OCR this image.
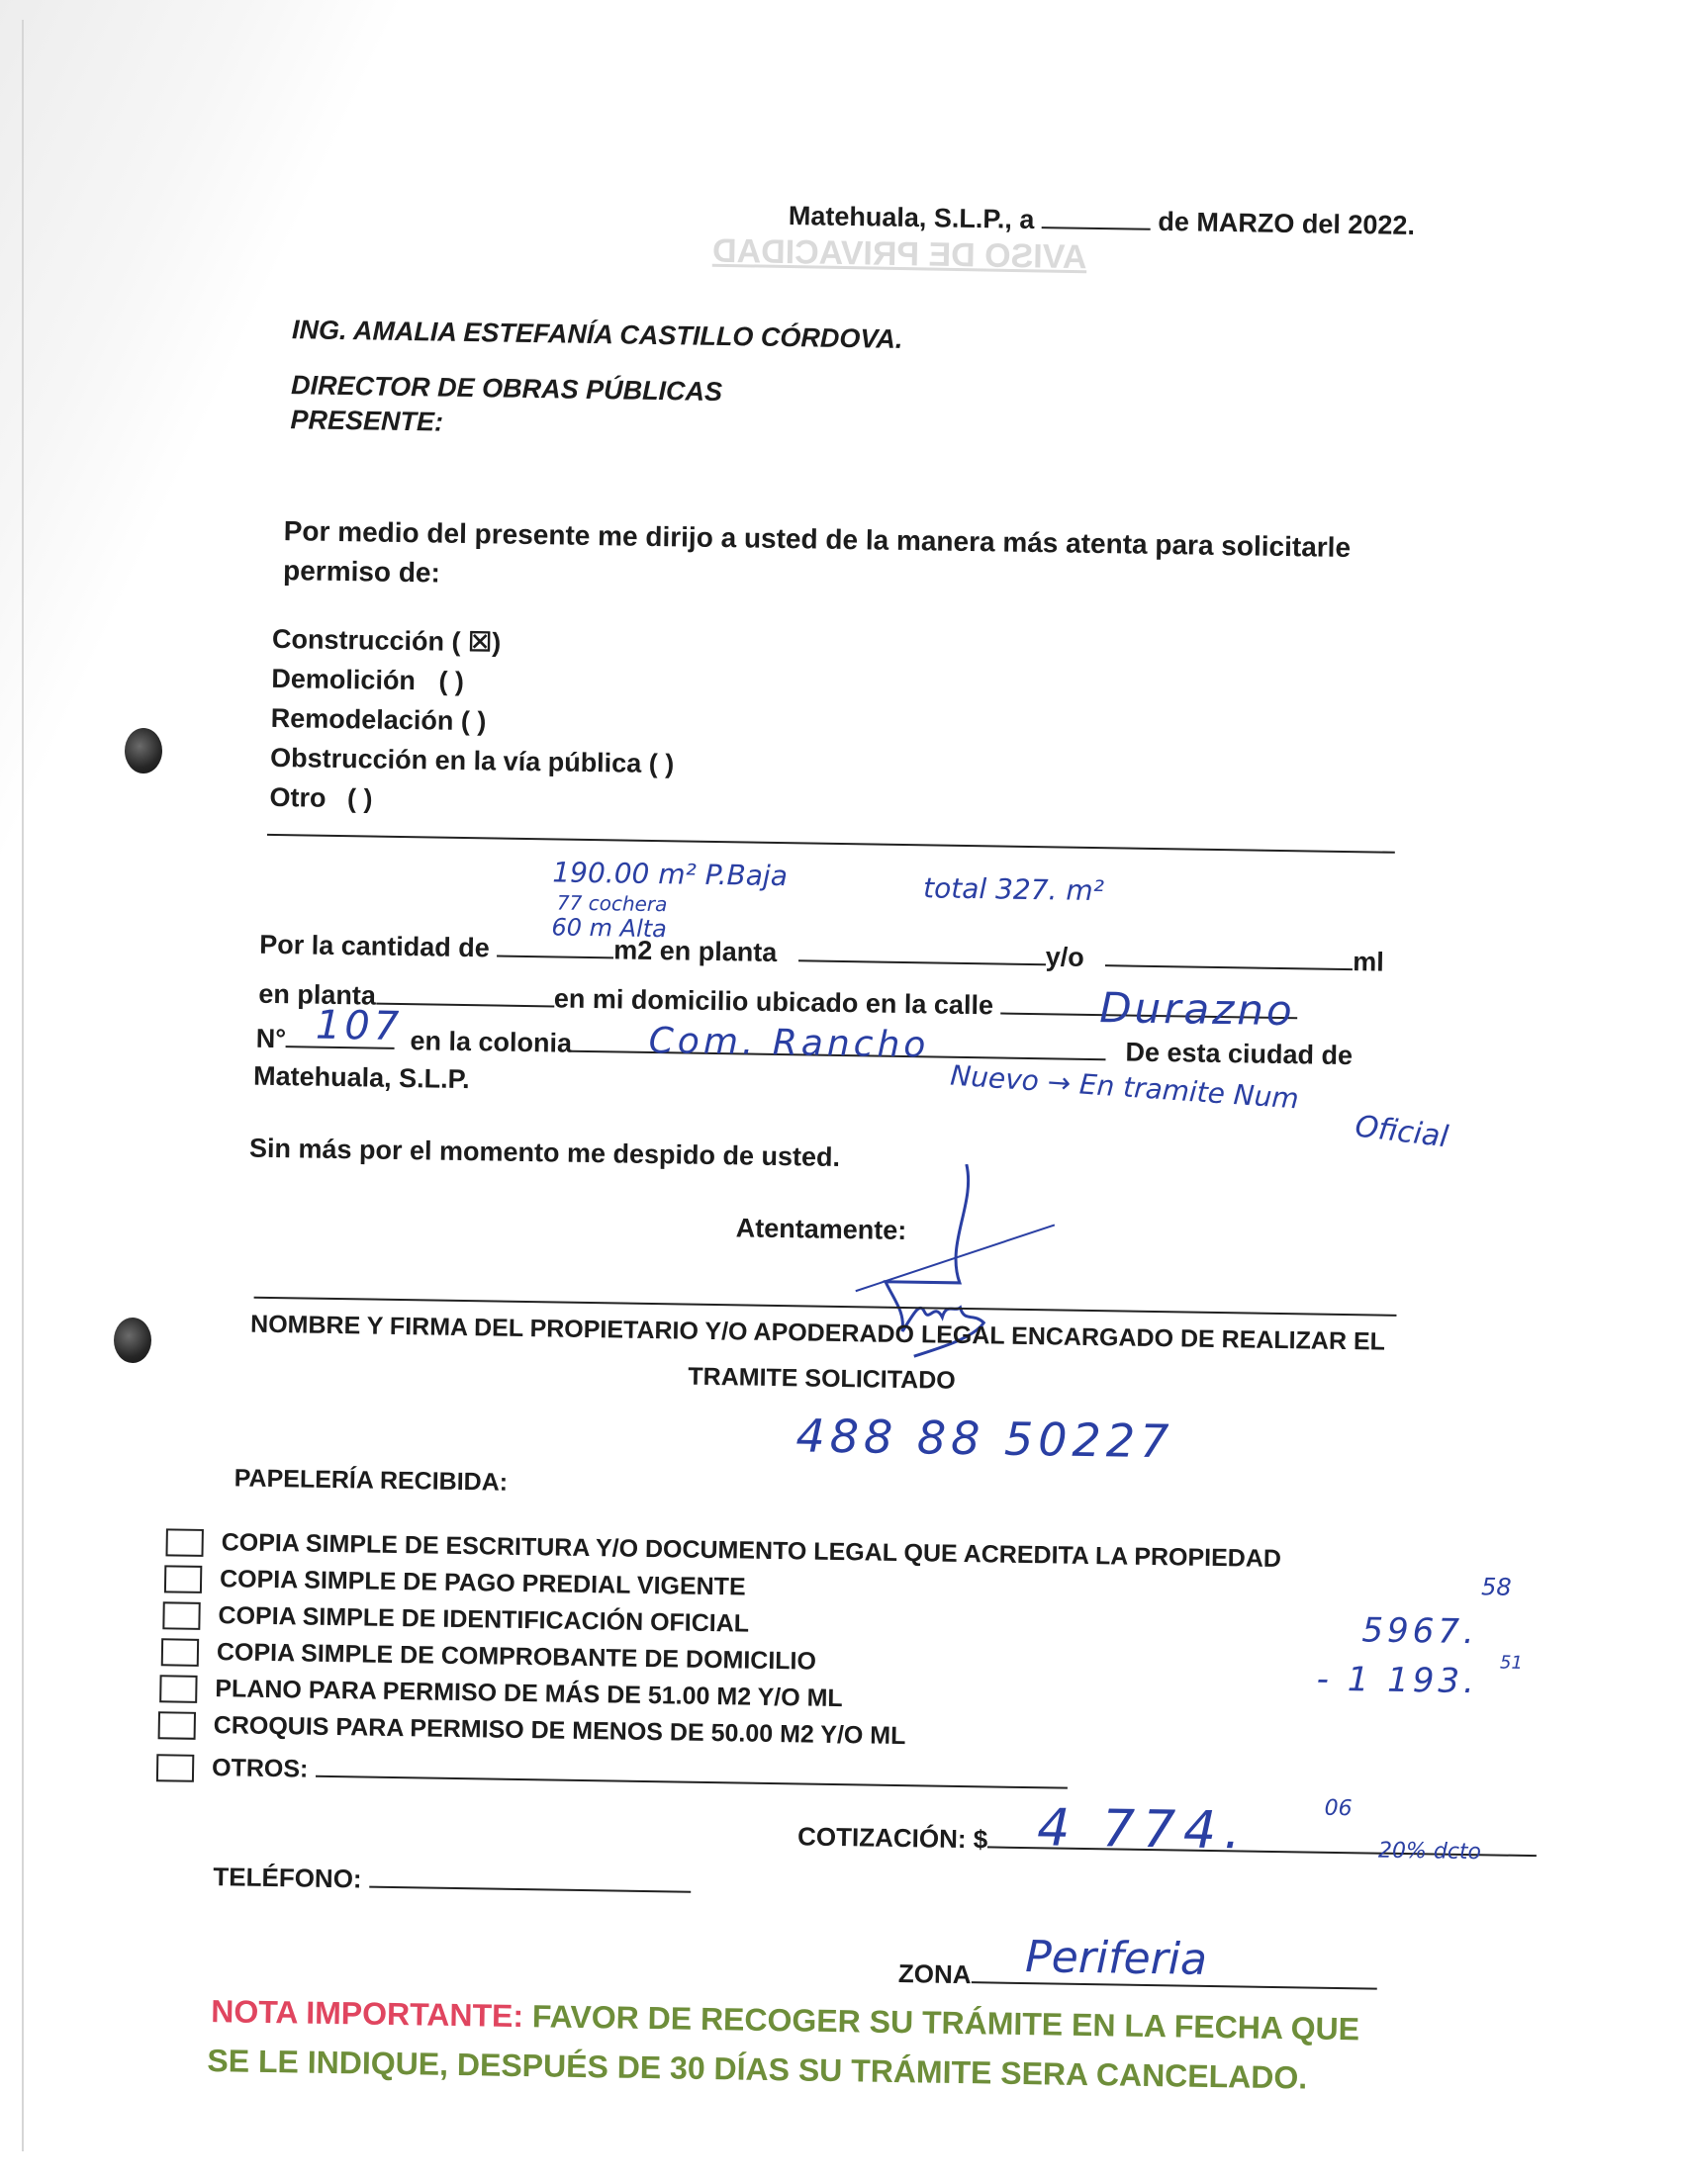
AVISO DE PRIVACIDAD
Matehuala, S.L.P., a	de MARZO del 2022.
ING. AMALIA ESTEFANÍA CASTILLO CÓRDOVA.
DIRECTOR DE OBRAS PÚBLICAS
PRESENTE:
Por medio del presente me dirijo a usted de la manera más atenta para solicitarle
permiso de:
Construcción ( ☒)
Demolición ( )
Remodelación ( )
Obstrucción en la vía pública ( )
Otro ( )
190.00 m² P.Baja	total 327. m²
77 cochera
60 m Alta
Por la cantidad de	m2 en planta	y/o	ml
en planta	en mi domicilio ubicado en la calle	Durazno
N°	en la colonia	De esta ciudad de
107	Com. Rancho
Matehuala, S.L.P.	Nuevo → En tramite Num
Oficial
Sin más por el momento me despido de usted.
Atentamente:
NOMBRE Y FIRMA DEL PROPIETARIO Y/O APODERADO LEGAL ENCARGADO DE REALIZAR EL
TRAMITE SOLICITADO
488 88 50227
PAPELERÍA RECIBIDA:
COPIA SIMPLE DE ESCRITURA Y/O DOCUMENTO LEGAL QUE ACREDITA LA PROPIEDAD
COPIA SIMPLE DE PAGO PREDIAL VIGENTE
COPIA SIMPLE DE IDENTIFICACIÓN OFICIAL
COPIA SIMPLE DE COMPROBANTE DE DOMICILIO
PLANO PARA PERMISO DE MÁS DE 51.00 M2 Y/O ML
CROQUIS PARA PERMISO DE MENOS DE 50.00 M2 Y/O ML
OTROS:
58
5967.
51
- 1 193.
COTIZACIÓN: $ 4 774.	06
20% dcto
TELÉFONO:
ZONA	Periferia
NOTA IMPORTANTE: FAVOR DE RECOGER SU TRÁMITE EN LA FECHA QUE
SE LE INDIQUE, DESPUÉS DE 30 DÍAS SU TRÁMITE SERA CANCELADO.
